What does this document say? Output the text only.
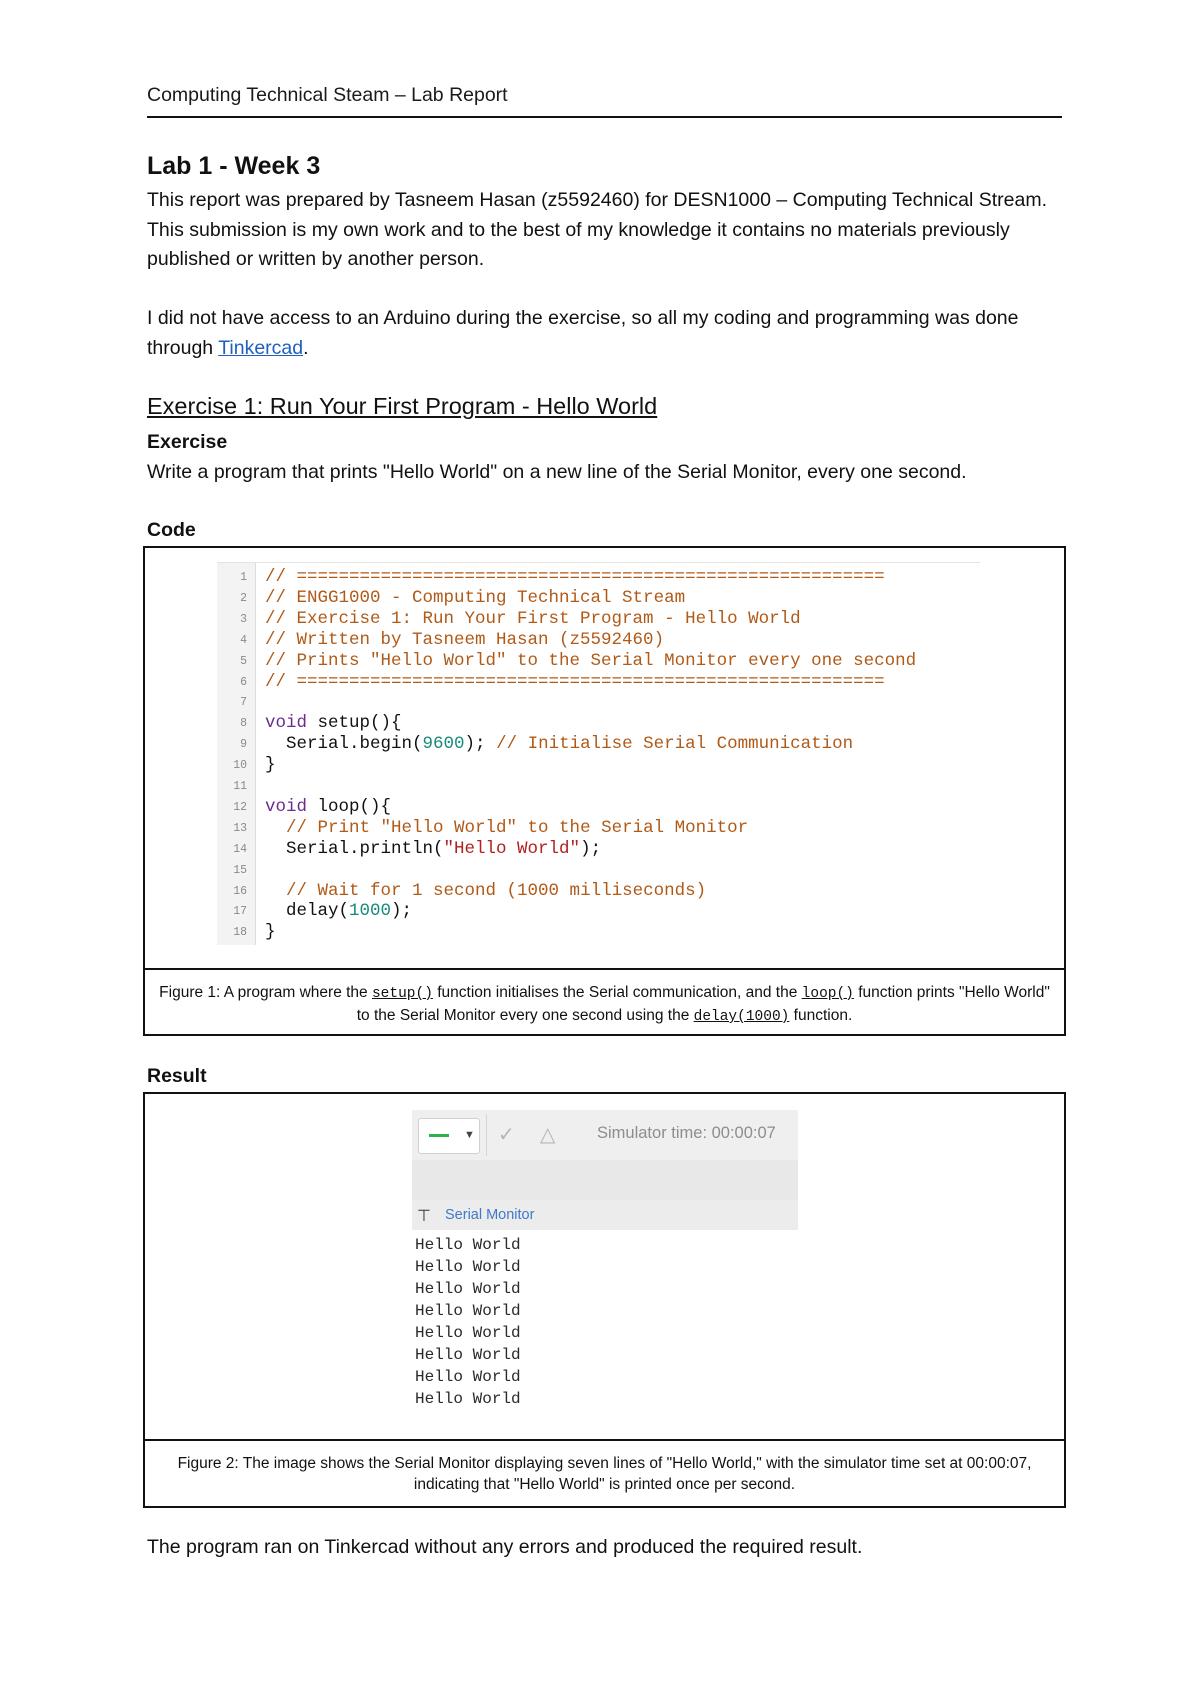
Computing Technical Steam – Lab Report
Lab 1 - Week 3

This report was prepared by Tasneem Hasan (z5592460) for DESN1000 – Computing Technical Stream. This submission is my own work and to the best of my knowledge it contains no materials previously published or written by another person.

I did not have access to an Arduino during the exercise, so all my coding and programming was done through Tinkercad.

Exercise 1: Run Your First Program - Hello World
Exercise

Write a program that prints "Hello World" on a new line of the Serial Monitor, every one second.

Code
1 // ========================================================
2 // ENGG1000 - Computing Technical Stream
3 // Exercise 1: Run Your First Program - Hello World
4 // Written by Tasneem Hasan (z5592460)
5 // Prints "Hello World" to the Serial Monitor every one second
6 // ========================================================
7
8 void setup(){
9  Serial.begin(9600); // Initialise Serial Communication
10 }
11
12 void loop(){
13 // Print "Hello World" to the Serial Monitor
14  Serial.println("Hello World");
15
16 // Wait for 1 second (1000 milliseconds)
17  delay(1000);
18 }
Figure 1: A program where the setup() function initialises the Serial communication, and the loop() function prints "Hello World" to the Serial Monitor every one second using the delay(1000) function.
Result
▼ ✓ △	Simulator time: 00:00:07
⊤ Serial Monitor
Hello World
Hello World
Hello World
Hello World
Hello World
Hello World
Hello World
Hello World
Figure 2: The image shows the Serial Monitor displaying seven lines of "Hello World," with the simulator time set at 00:00:07, indicating that "Hello World" is printed once per second.

The program ran on Tinkercad without any errors and produced the required result.
